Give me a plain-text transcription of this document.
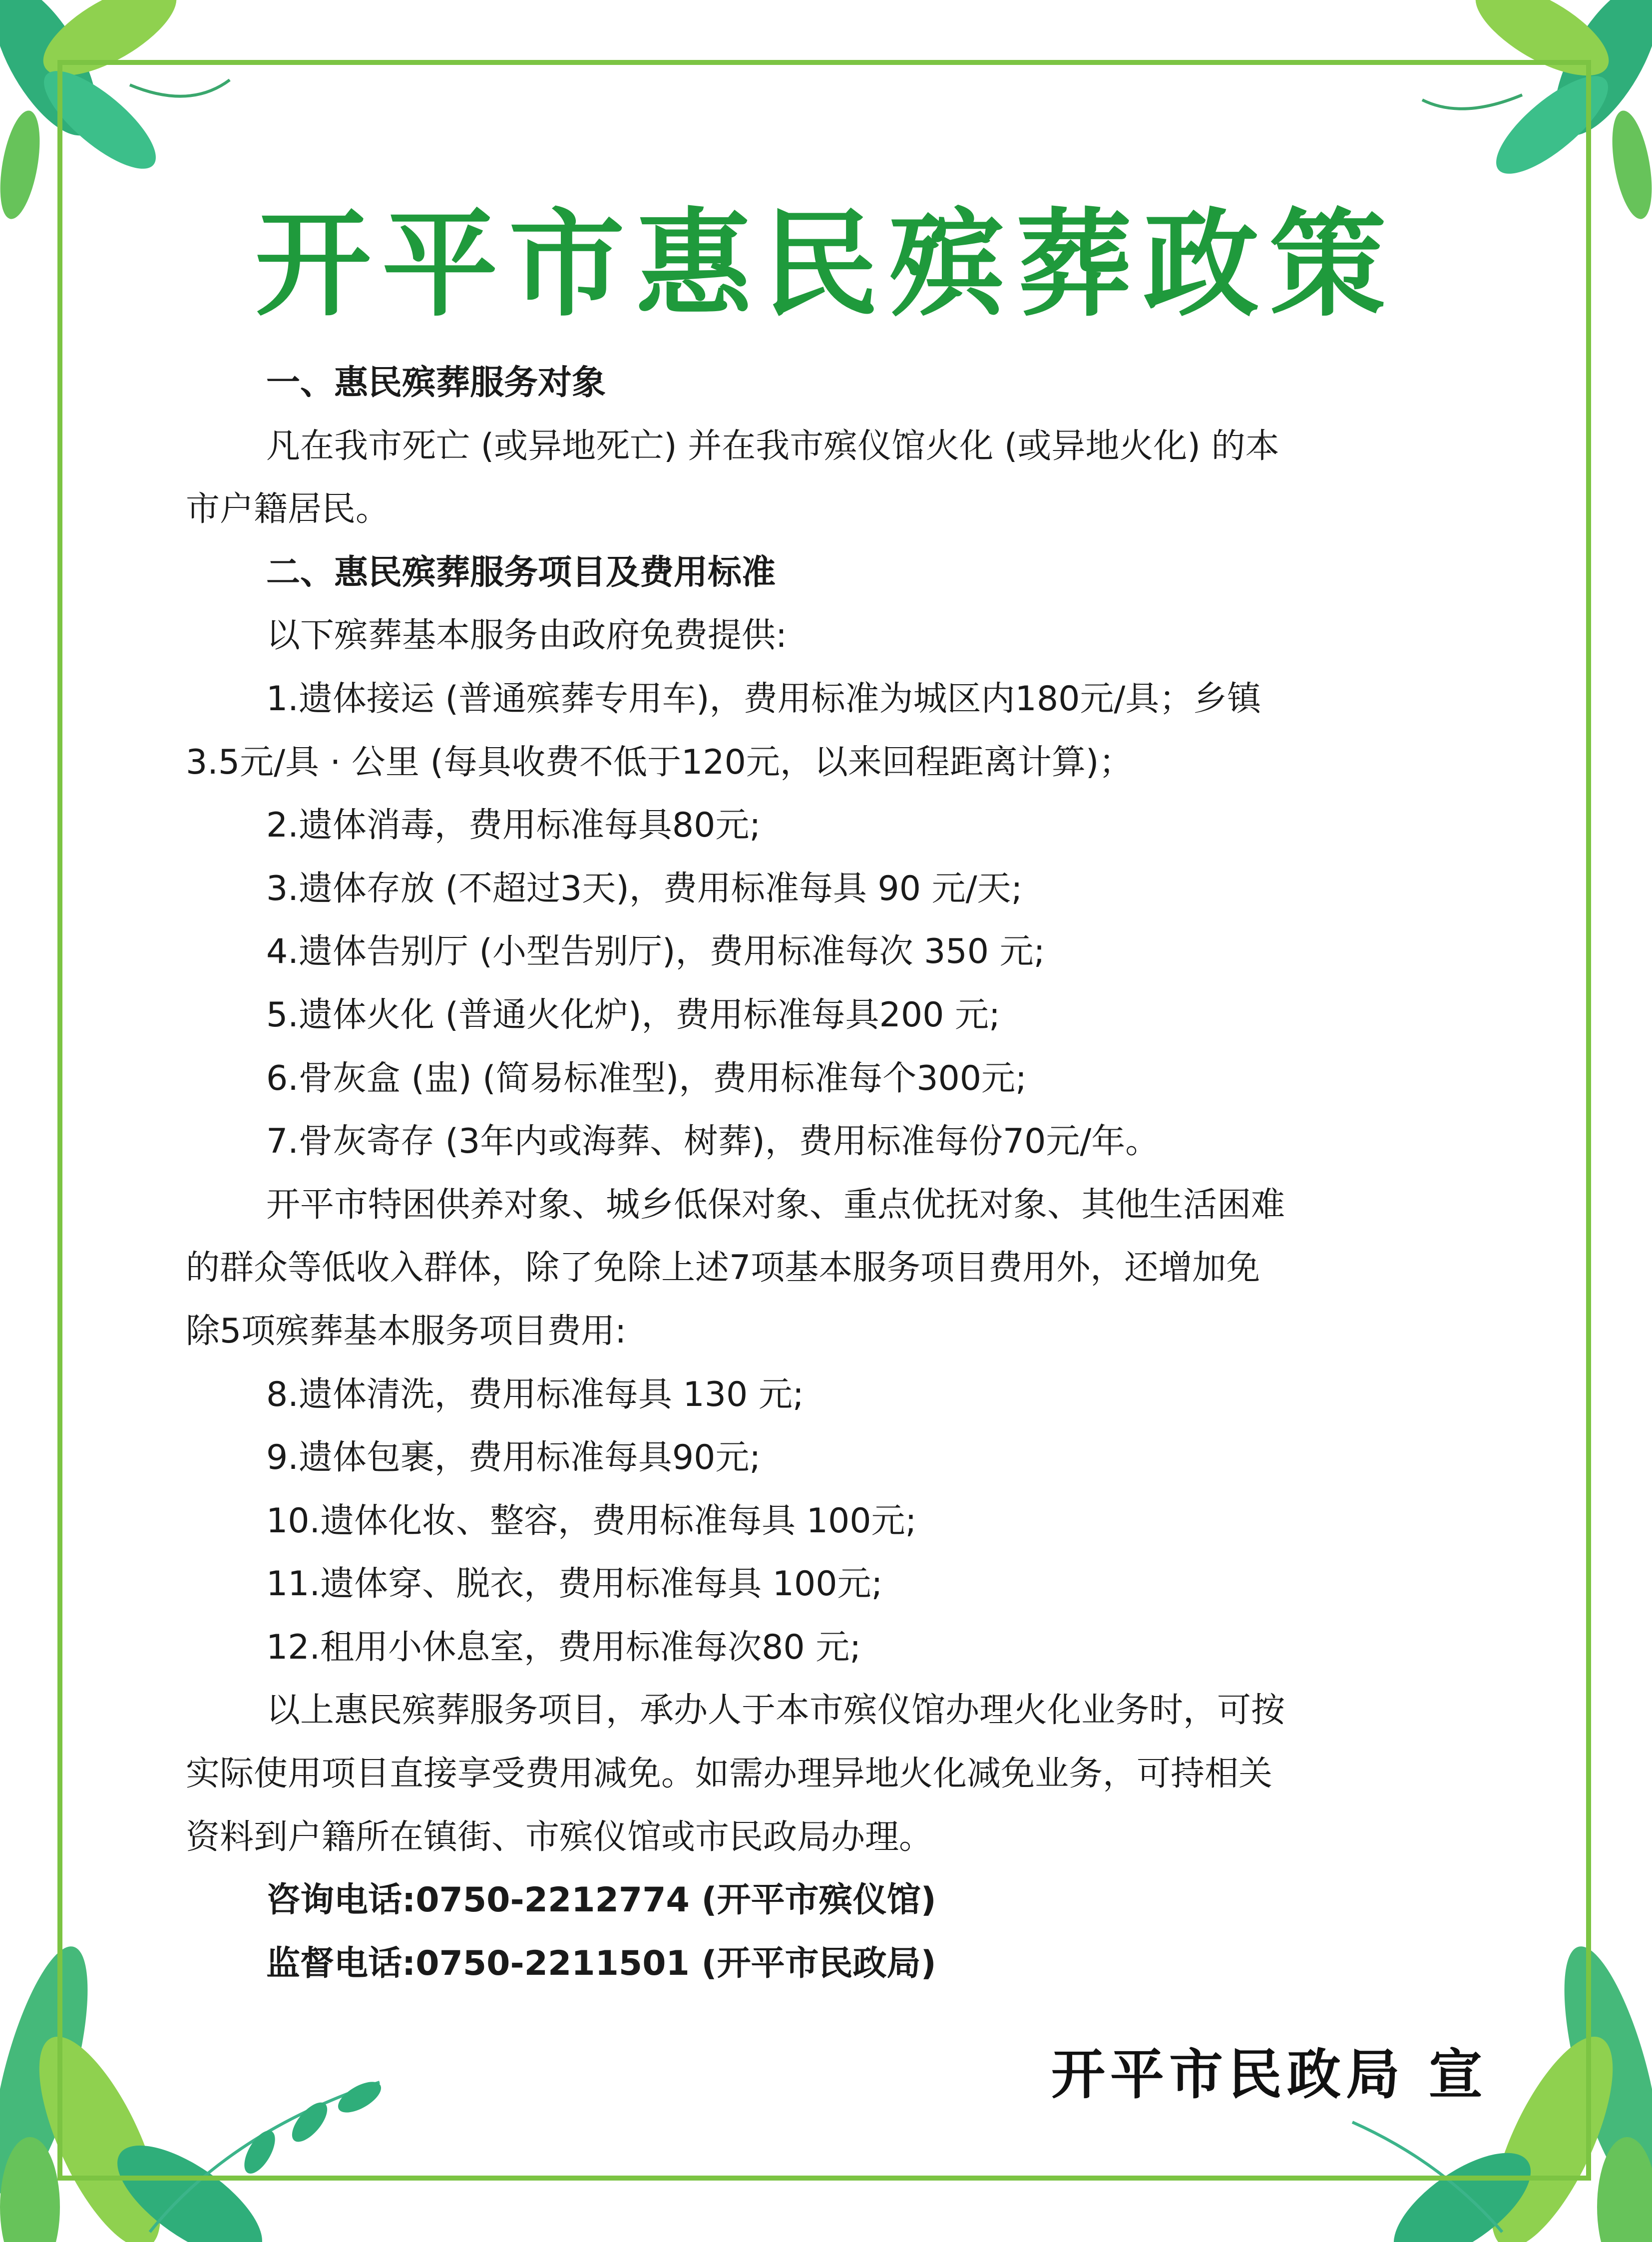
开平市惠民殡葬政策
一、惠民殡葬服务对象
凡在我市死亡 (或异地死亡) 并在我市殡仪馆火化 (或异地火化) 的本
市户籍居民。
二、惠民殡葬服务项目及费用标准
以下殡葬基本服务由政府免费提供:
1.遗体接运 (普通殡葬专用车)，费用标准为城区内180元/具；乡镇
3.5元/具 · 公里 (每具收费不低于120元，以来回程距离计算)；
2.遗体消毒，费用标准每具80元;
3.遗体存放 (不超过3天)，费用标准每具 90 元/天;
4.遗体告别厅 (小型告别厅)，费用标准每次 350 元;
5.遗体火化 (普通火化炉)，费用标准每具200 元;
6.骨灰盒 (盅) (简易标准型)，费用标准每个300元;
7.骨灰寄存 (3年内或海葬、树葬)，费用标准每份70元/年。
开平市特困供养对象、城乡低保对象、重点优抚对象、其他生活困难
的群众等低收入群体，除了免除上述7项基本服务项目费用外，还增加免
除5项殡葬基本服务项目费用:
8.遗体清洗，费用标准每具 130 元;
9.遗体包裹，费用标准每具90元;
10.遗体化妆、整容，费用标准每具 100元;
11.遗体穿、脱衣，费用标准每具 100元;
12.租用小休息室，费用标准每次80 元;
以上惠民殡葬服务项目，承办人于本市殡仪馆办理火化业务时，可按
实际使用项目直接享受费用减免。如需办理异地火化减免业务，可持相关
资料到户籍所在镇街、市殡仪馆或市民政局办理。
咨询电话:0750-2212774 (开平市殡仪馆)
监督电话:0750-2211501 (开平市民政局)
开平市民政局 宣
